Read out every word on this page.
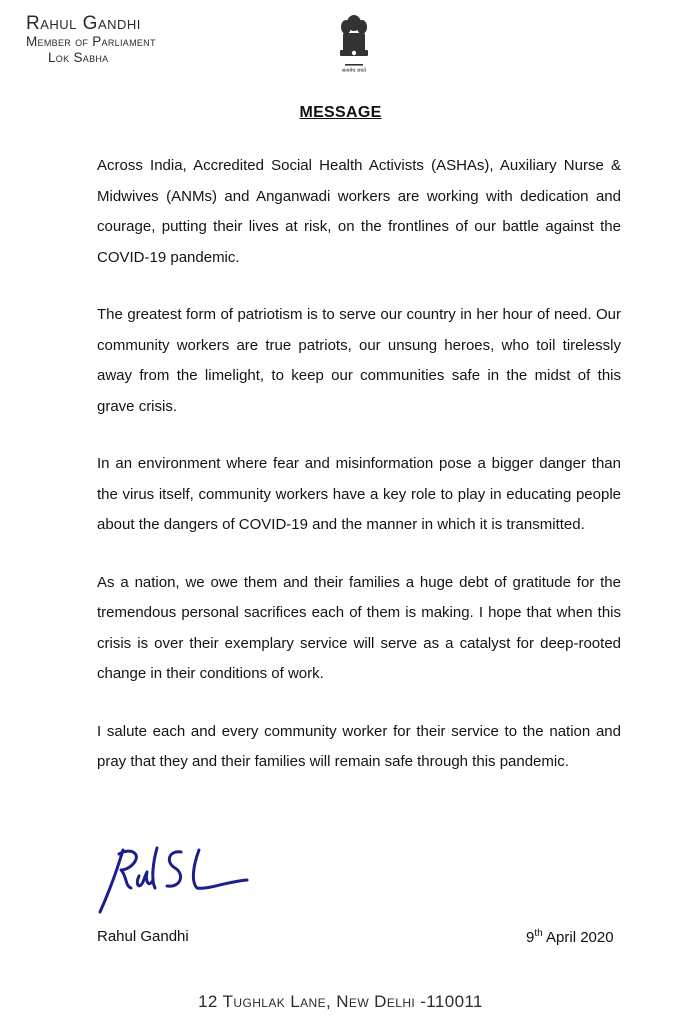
Rahul Gandhi
Member of Parliament
Lok Sabha
सत्यमेव जयते
MESSAGE

Across India, Accredited Social Health Activists (ASHAs), Auxiliary Nurse & Midwives (ANMs) and Anganwadi workers are working with dedication and courage, putting their lives at risk, on the frontlines of our battle against the COVID-19 pandemic.

The greatest form of patriotism is to serve our country in her hour of need. Our community workers are true patriots, our unsung heroes, who toil tirelessly away from the limelight, to keep our communities safe in the midst of this grave crisis.

In an environment where fear and misinformation pose a bigger danger than the virus itself, community workers have a key role to play in educating people about the dangers of COVID-19 and the manner in which it is transmitted.

As a nation, we owe them and their families a huge debt of gratitude for the tremendous personal sacrifices each of them is making. I hope that when this crisis is over their exemplary service will serve as a catalyst for deep-rooted change in their conditions of work.

I salute each and every community worker for their service to the nation and pray that they and their families will remain safe through this pandemic.

Rahul Gandhi	9th April 2020
12 Tughlak Lane, New Delhi -110011
